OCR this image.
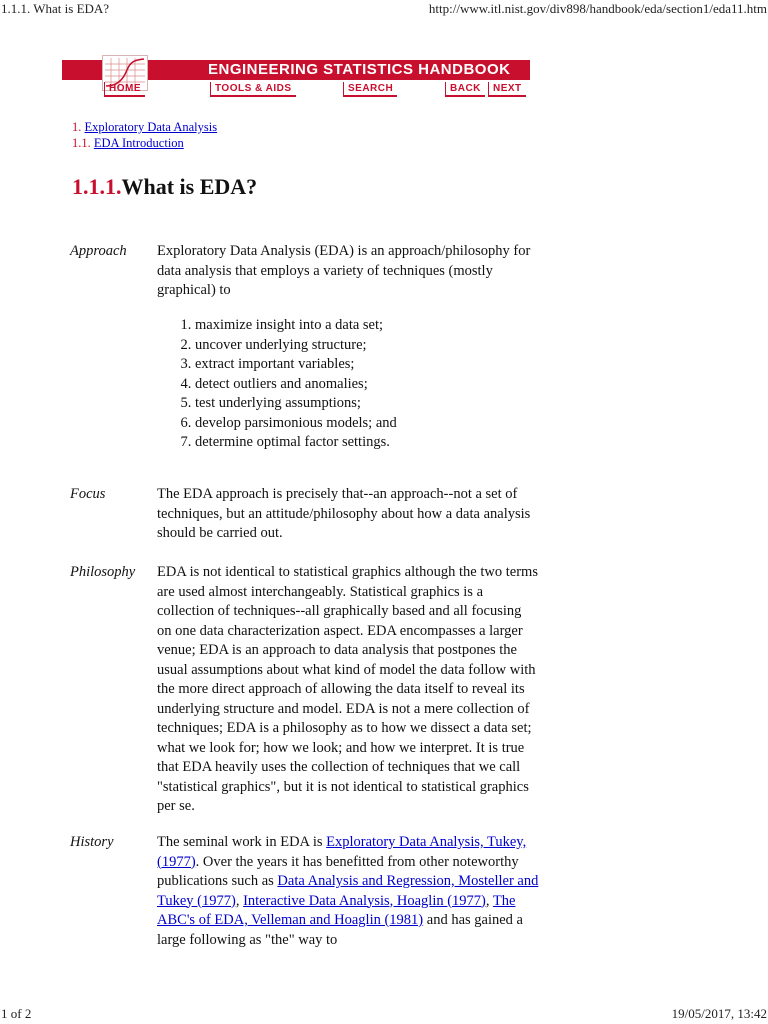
1.1.1. What is EDA?	http://www.itl.nist.gov/div898/handbook/eda/section1/eda11.htm
ENGINEERING STATISTICS HANDBOOK
HOME	TOOLS & AIDS	SEARCH	BACK	NEXT
1. Exploratory Data Analysis
1.1. EDA Introduction
1.1.1.What is EDA?
Approach Exploratory Data Analysis (EDA) is an approach/philosophy for data analysis that employs a variety of techniques (mostly graphical) to
1. maximize insight into a data set;
2. uncover underlying structure;
3. extract important variables;
4. detect outliers and anomalies;
5. test underlying assumptions;
6. develop parsimonious models; and
7. determine optimal factor settings.
Focus	The EDA approach is precisely that--an approach--not a set of techniques, but an attitude/philosophy about how a data analysis should be carried out.
Philosophy EDA is not identical to statistical graphics although the two terms are used almost interchangeably. Statistical graphics is a collection of techniques--all graphically based and all focusing on one data characterization aspect. EDA encompasses a larger venue; EDA is an approach to data analysis that postpones the usual assumptions about what kind of model the data follow with the more direct approach of allowing the data itself to reveal its underlying structure and model. EDA is not a mere collection of techniques; EDA is a philosophy as to how we dissect a data set; what we look for; how we look; and how we interpret. It is true that EDA heavily uses the collection of techniques that we call "statistical graphics", but it is not identical to statistical graphics per se.
History	The seminal work in EDA is Exploratory Data Analysis, Tukey, (1977). Over the years it has benefitted from other noteworthy publications such as Data Analysis and Regression, Mosteller and Tukey (1977), Interactive Data Analysis, Hoaglin (1977), The ABC's of EDA, Velleman and Hoaglin (1981) and has gained a large following as "the" way to
1 of 2	19/05/2017, 13:42
